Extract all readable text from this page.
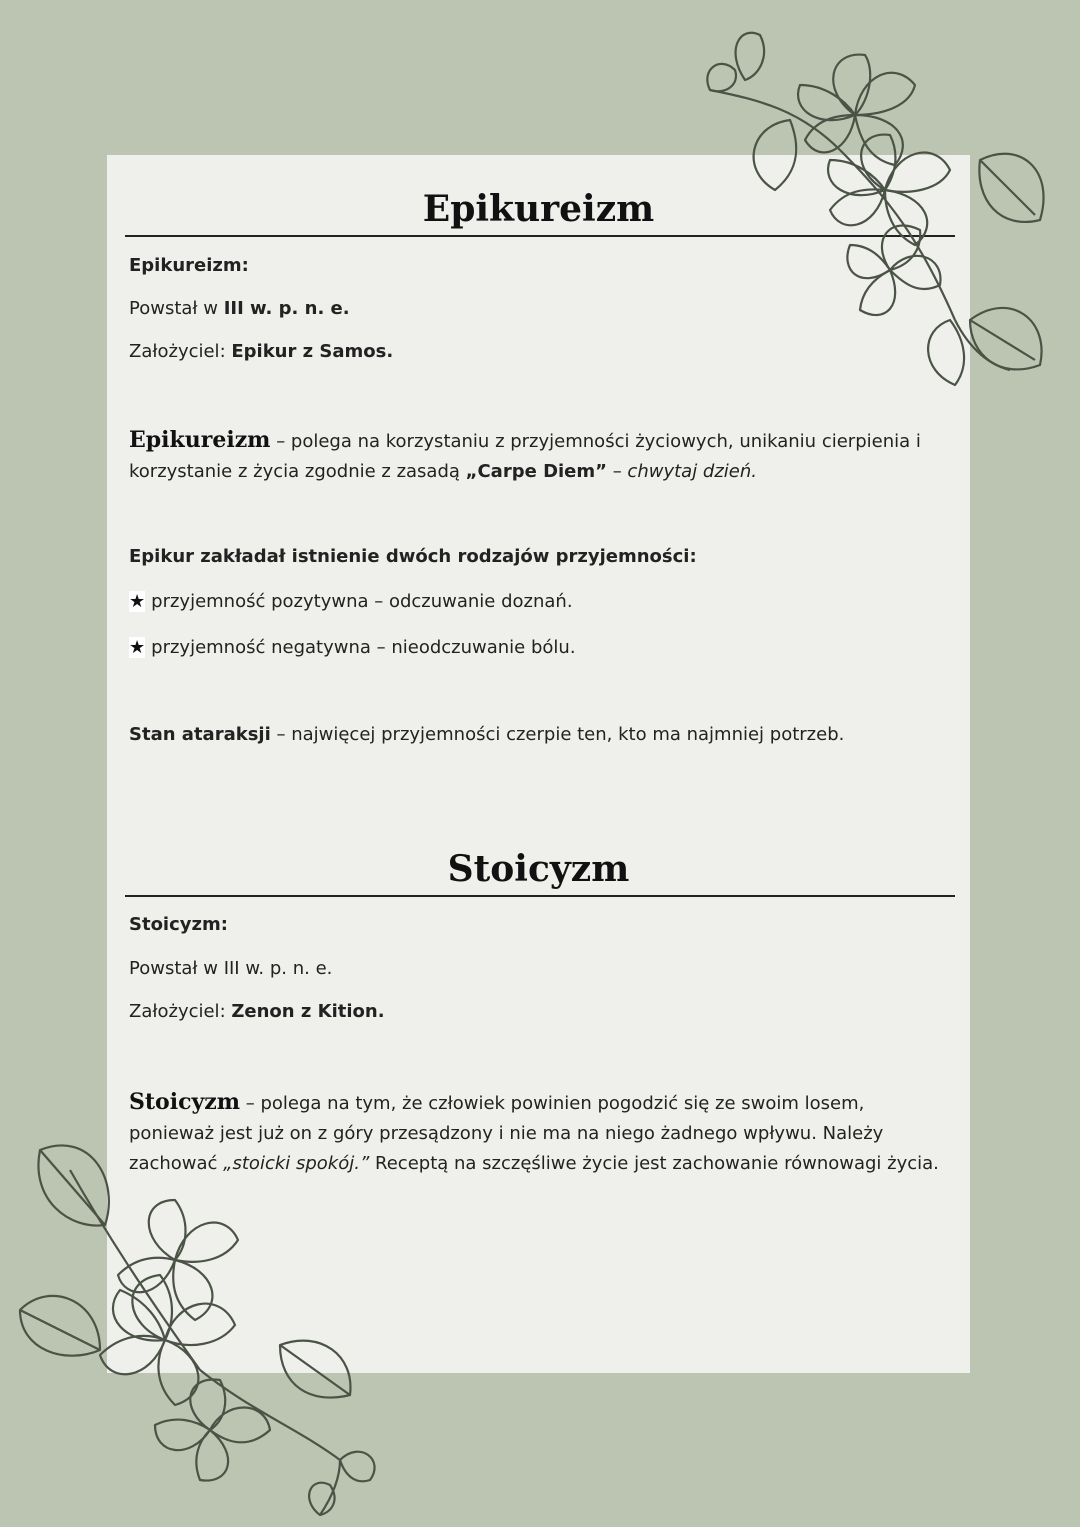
Epikureizm
Epikureizm:
Powstał w III w. p. n. e.
Założyciel: Epikur z Samos.
Epikureizm – polega na korzystaniu z przyjemności życiowych, unikaniu cierpienia i korzystanie z życia zgodnie z zasadą „Carpe Diem” – chwytaj dzień.
Epikur zakładał istnienie dwóch rodzajów przyjemności:
★ przyjemność pozytywna – odczuwanie doznań.
★ przyjemność negatywna – nieodczuwanie bólu.
Stan ataraksji – najwięcej przyjemności czerpie ten, kto ma najmniej potrzeb.
Stoicyzm
Stoicyzm:
Powstał w III w. p. n. e.
Założyciel: Zenon z Kition.
Stoicyzm – polega na tym, że człowiek powinien pogodzić się ze swoim losem, ponieważ jest już on z góry przesądzony i nie ma na niego żadnego wpływu. Należy zachować „stoicki spokój.” Receptą na szczęśliwe życie jest zachowanie równowagi życia.
